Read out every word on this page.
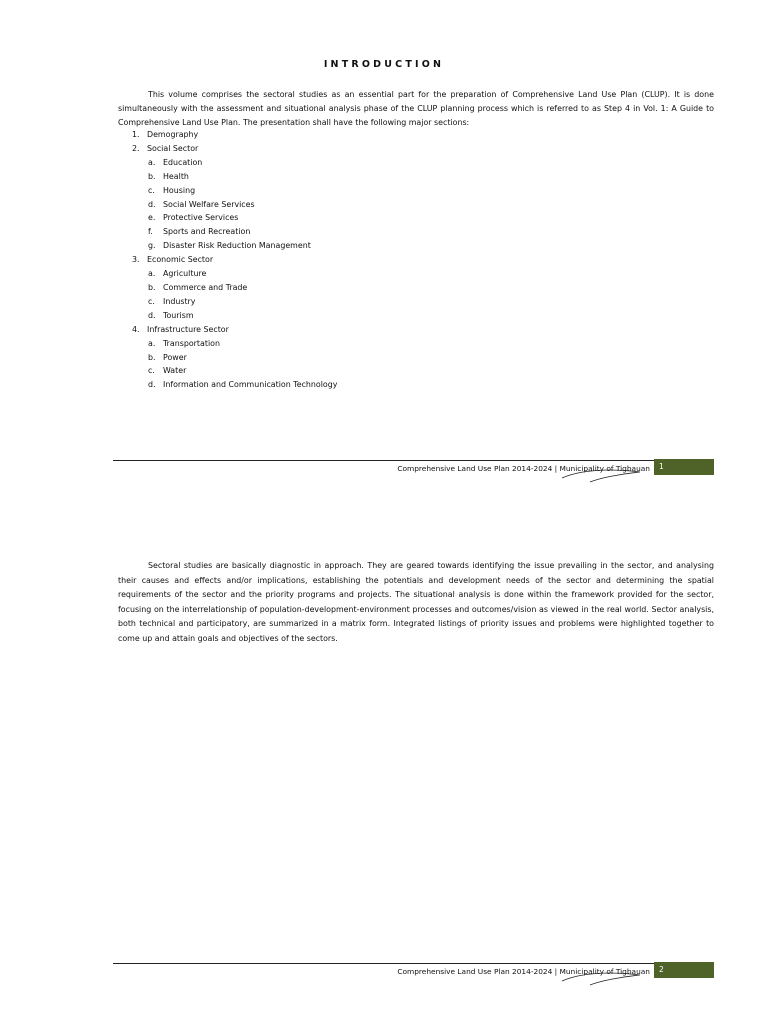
INTRODUCTION

This volume comprises the sectoral studies as an essential part for the preparation of Comprehensive Land Use Plan (CLUP). It is done simultaneously with the assessment and situational analysis phase of the CLUP planning process which is referred to as Step 4 in Vol. 1: A Guide to Comprehensive Land Use Plan. The presentation shall have the following major sections:

1. Demography
2. Social Sector
a. Education
b. Health
c. Housing
d. Social Welfare Services
e. Protective Services
f. Sports and Recreation
g. Disaster Risk Reduction Management
3. Economic Sector
a. Agriculture
b. Commerce and Trade
c. Industry
d. Tourism
4. Infrastructure Sector
a. Transportation
b. Power
c. Water
d. Information and Communication Technology
Comprehensive Land Use Plan 2014-2024 | Municipality of Tigbauan	1

Sectoral studies are basically diagnostic in approach. They are geared towards identifying the issue prevailing in the sector, and analysing their causes and effects and/or implications, establishing the potentials and development needs of the sector and determining the spatial requirements of the sector and the priority programs and projects. The situational analysis is done within the framework provided for the sector, focusing on the interrelationship of population-development-environment processes and outcomes/vision as viewed in the real world. Sector analysis, both technical and participatory, are summarized in a matrix form. Integrated listings of priority issues and problems were highlighted together to come up and attain goals and objectives of the sectors.

Comprehensive Land Use Plan 2014-2024 | Municipality of Tigbauan	2
